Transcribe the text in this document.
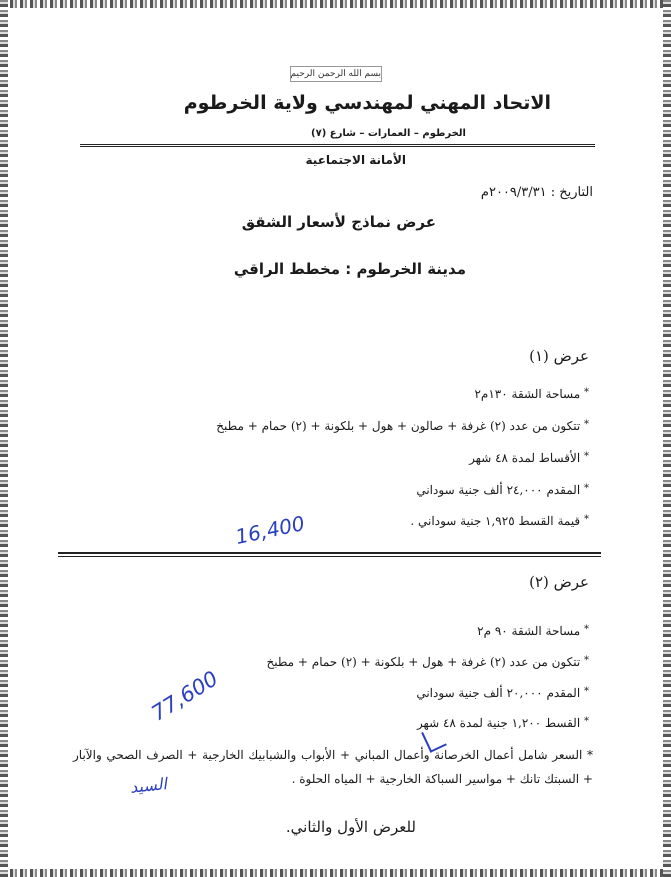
بسم الله الرحمن الرحيم
الاتحاد المهني لمهندسي ولاية الخرطوم
الخرطوم – العمارات – شارع (٧)
الأمانة الاجتماعية
التاريخ : ٢٠٠٩/٣/٣١م
عرض نماذج لأسعار الشقق
مدينة الخرطوم : مخطط الراقي
عرض (١)
* مساحة الشقة ١٣٠م٢
* تتكون من عدد (٢) غرفة + صالون + هول + بلكونة + (٢) حمام + مطبخ
* الأقساط لمدة ٤٨ شهر
* المقدم ٢٤,٠٠٠ ألف جنية سوداني
* قيمة القسط ١,٩٢٥ جنية سوداني .
16,400
عرض (٢)
* مساحة الشقة ٩٠ م٢
* تتكون من عدد (٢) غرفة + هول + بلكونة + (٢) حمام + مطبخ
* المقدم ٢٠,٠٠٠ ألف جنية سوداني
* القسط ١,٢٠٠ جنية لمدة ٤٨ شهر
77,600
* السعر شامل أعمال الخرصانة وأعمال المباني + الأبواب والشبابيك الخارجية + الصرف الصحي والآبار + السبتك تانك + مواسير السباكة الخارجية + المياه الحلوة .
السيد
للعرض الأول والثاني.
